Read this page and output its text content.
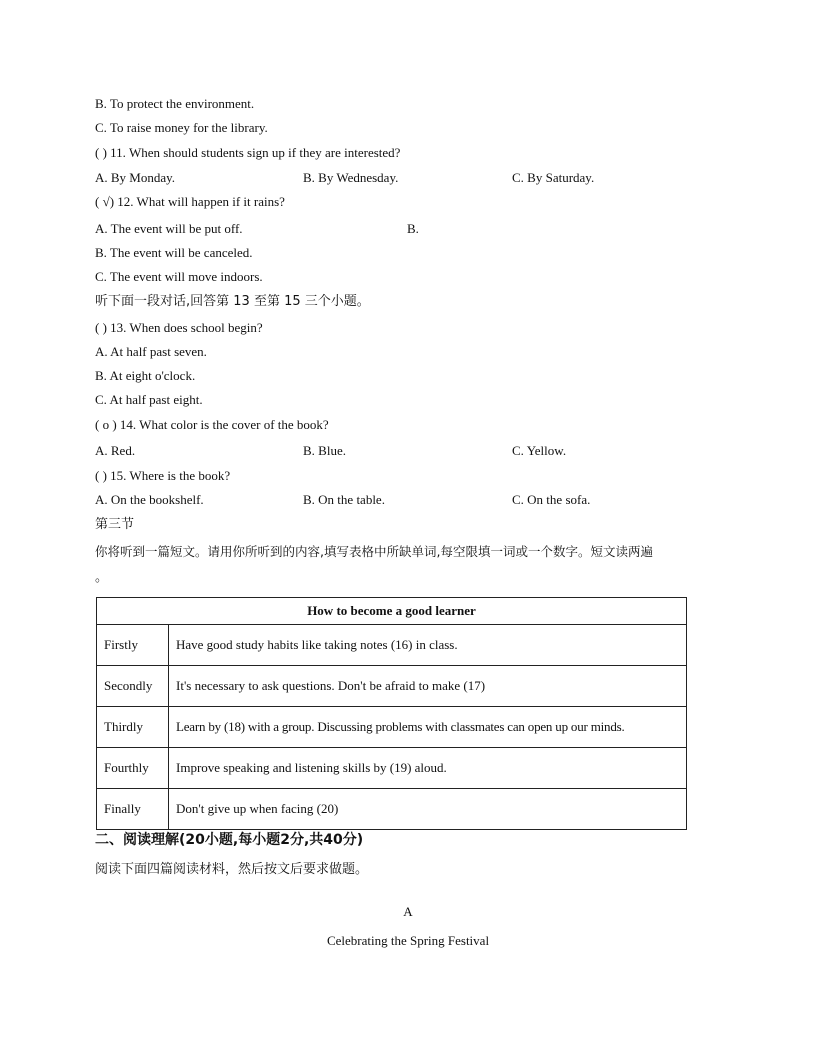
B. To protect the environment.
C. To raise money for the library.
( ) 11. When should students sign up if they are interested?
A. By Monday.	B. By Wednesday.	C. By Saturday.
( √) 12. What will happen if it rains?
A. The event will be put off.	B.
B. The event will be canceled.
C. The event will move indoors.
听下面一段对话,回答第 13 至第 15 三个小题。
( ) 13. When does school begin?
A. At half past seven.
B. At eight o'clock.
C. At half past eight.
( o ) 14. What color is the cover of the book?
A. Red.	B. Blue.	C. Yellow.
( ) 15. Where is the book?
A. On the bookshelf.	B. On the table.	C. On the sofa.
第三节
你将听到一篇短文。请用你所听到的内容,填写表格中所缺单词,每空限填一词或一个数字。短文读两遍
。
How to become a good learner	
Firstly	Have good study habits like taking notes (16) in class.
Secondly	It's necessary to ask questions. Don't be afraid to make (17)
Thirdly	Learn by (18) with a group. Discussing problems with classmates can open up our minds.
Fourthly	Improve speaking and listening skills by (19) aloud.
Finally	Don't give up when facing (20)
二、阅读理解(20小题,每小题2分,共40分)
阅读下面四篇阅读材料，然后按文后要求做题。
A
Celebrating the Spring Festival
